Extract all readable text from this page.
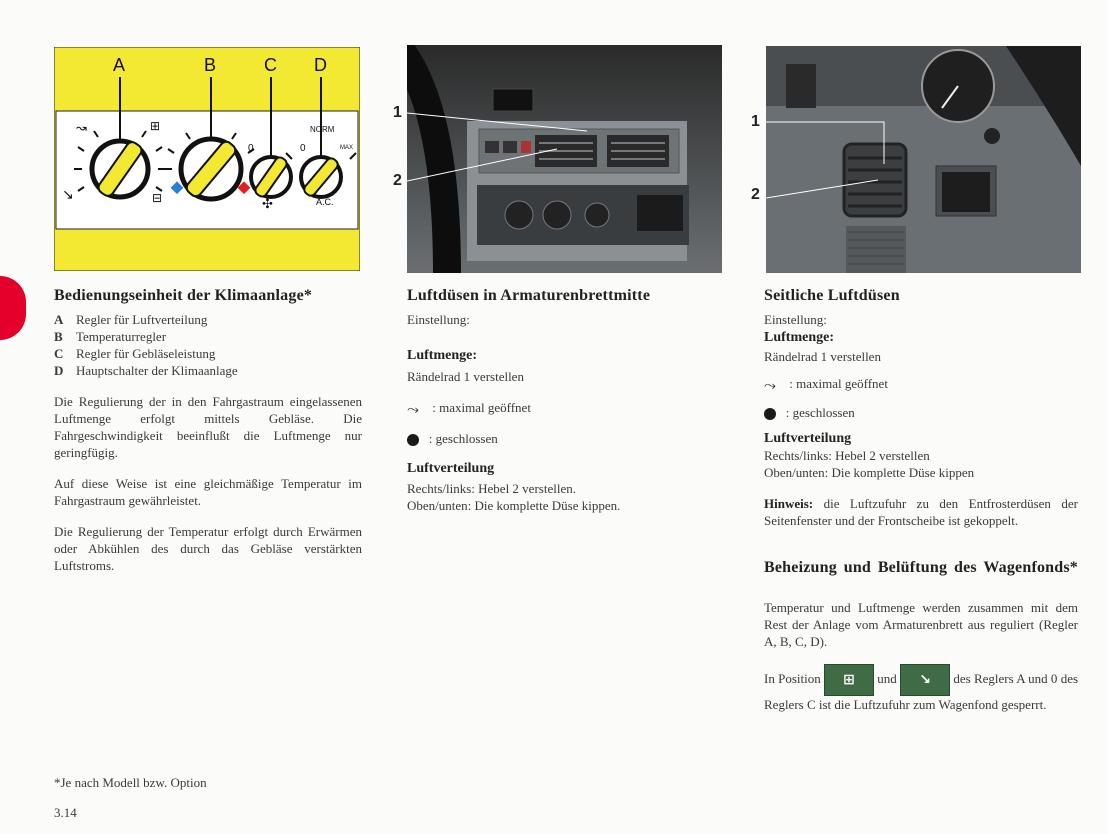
A	B	C D
NORM
0	0	MAX
A.C.
⊞
↝
↘	⊟	✣
1
2
1
2
Bedienungseinheit der Klimaanlage*
A Regler für Luftverteilung
B Temperaturregler
C Regler für Gebläseleistung
D Hauptschalter der Klimaanlage

Die Regulierung der in den Fahrgastraum eingelassenen Luftmenge erfolgt mittels Gebläse. Die Fahrgeschwindigkeit beeinflußt die Luftmenge nur geringfügig.

Auf diese Weise ist eine gleichmäßige Temperatur im Fahrgastraum gewährleistet.

Die Regulierung der Temperatur erfolgt durch Erwärmen oder Abkühlen des durch das Gebläse verstärkten Luftstroms.

*Je nach Modell bzw. Option
3.14
Luftdüsen in Armaturenbrettmitte
Einstellung:
Luftmenge:
Rändelrad 1 verstellen
⤳ : maximal geöffnet
: geschlossen
Luftverteilung
Rechts/links: Hebel 2 verstellen.
Oben/unten: Die komplette Düse kippen.
Seitliche Luftdüsen
Einstellung:
Luftmenge:
Rändelrad 1 verstellen
⤳ : maximal geöffnet
: geschlossen
Luftverteilung
Rechts/links: Hebel 2 verstellen
Oben/unten: Die komplette Düse kippen

Hinweis: die Luftzufuhr zu den Entfrosterdüsen der Seitenfenster und der Frontscheibe ist gekoppelt.

Beheizung und Belüftung des Wagenfonds*

Temperatur und Luftmenge werden zusammen mit dem Rest der Anlage vom Armaturenbrett aus reguliert (Regler A, B, C, D).

In Position ⊞ und ↘ des Reglers A und 0 des Reglers C ist die Luftzufuhr zum Wagenfond gesperrt.
